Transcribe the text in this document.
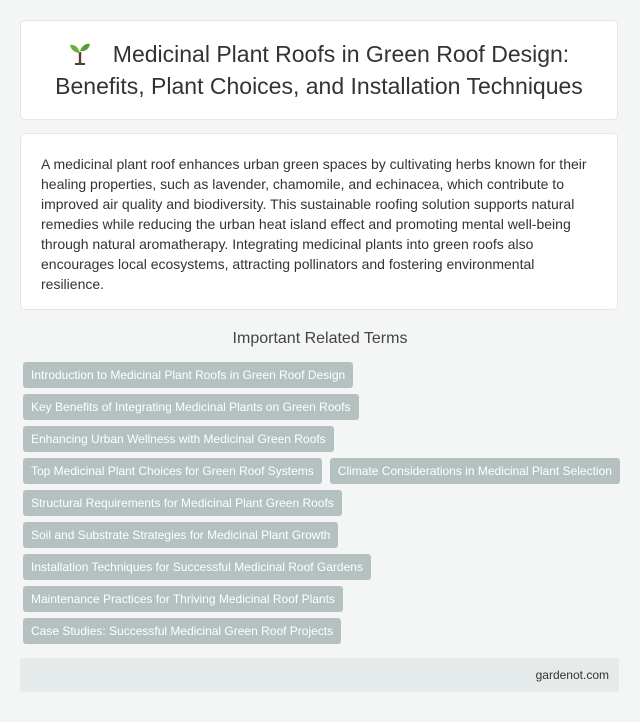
Medicinal Plant Roofs in Green Roof Design: Benefits, Plant Choices, and Installation Techniques

A medicinal plant roof enhances urban green spaces by cultivating herbs known for their healing properties, such as lavender, chamomile, and echinacea, which contribute to improved air quality and biodiversity. This sustainable roofing solution supports natural remedies while reducing the urban heat island effect and promoting mental well-being through natural aromatherapy. Integrating medicinal plants into green roofs also encourages local ecosystems, attracting pollinators and fostering environmental resilience.

Important Related Terms
Introduction to Medicinal Plant Roofs in Green Roof Design
Key Benefits of Integrating Medicinal Plants on Green Roofs
Enhancing Urban Wellness with Medicinal Green Roofs
Top Medicinal Plant Choices for Green Roof Systems	Climate Considerations in Medicinal Plant Selection
Structural Requirements for Medicinal Plant Green Roofs
Soil and Substrate Strategies for Medicinal Plant Growth
Installation Techniques for Successful Medicinal Roof Gardens
Maintenance Practices for Thriving Medicinal Roof Plants
Case Studies: Successful Medicinal Green Roof Projects
gardenot.com
